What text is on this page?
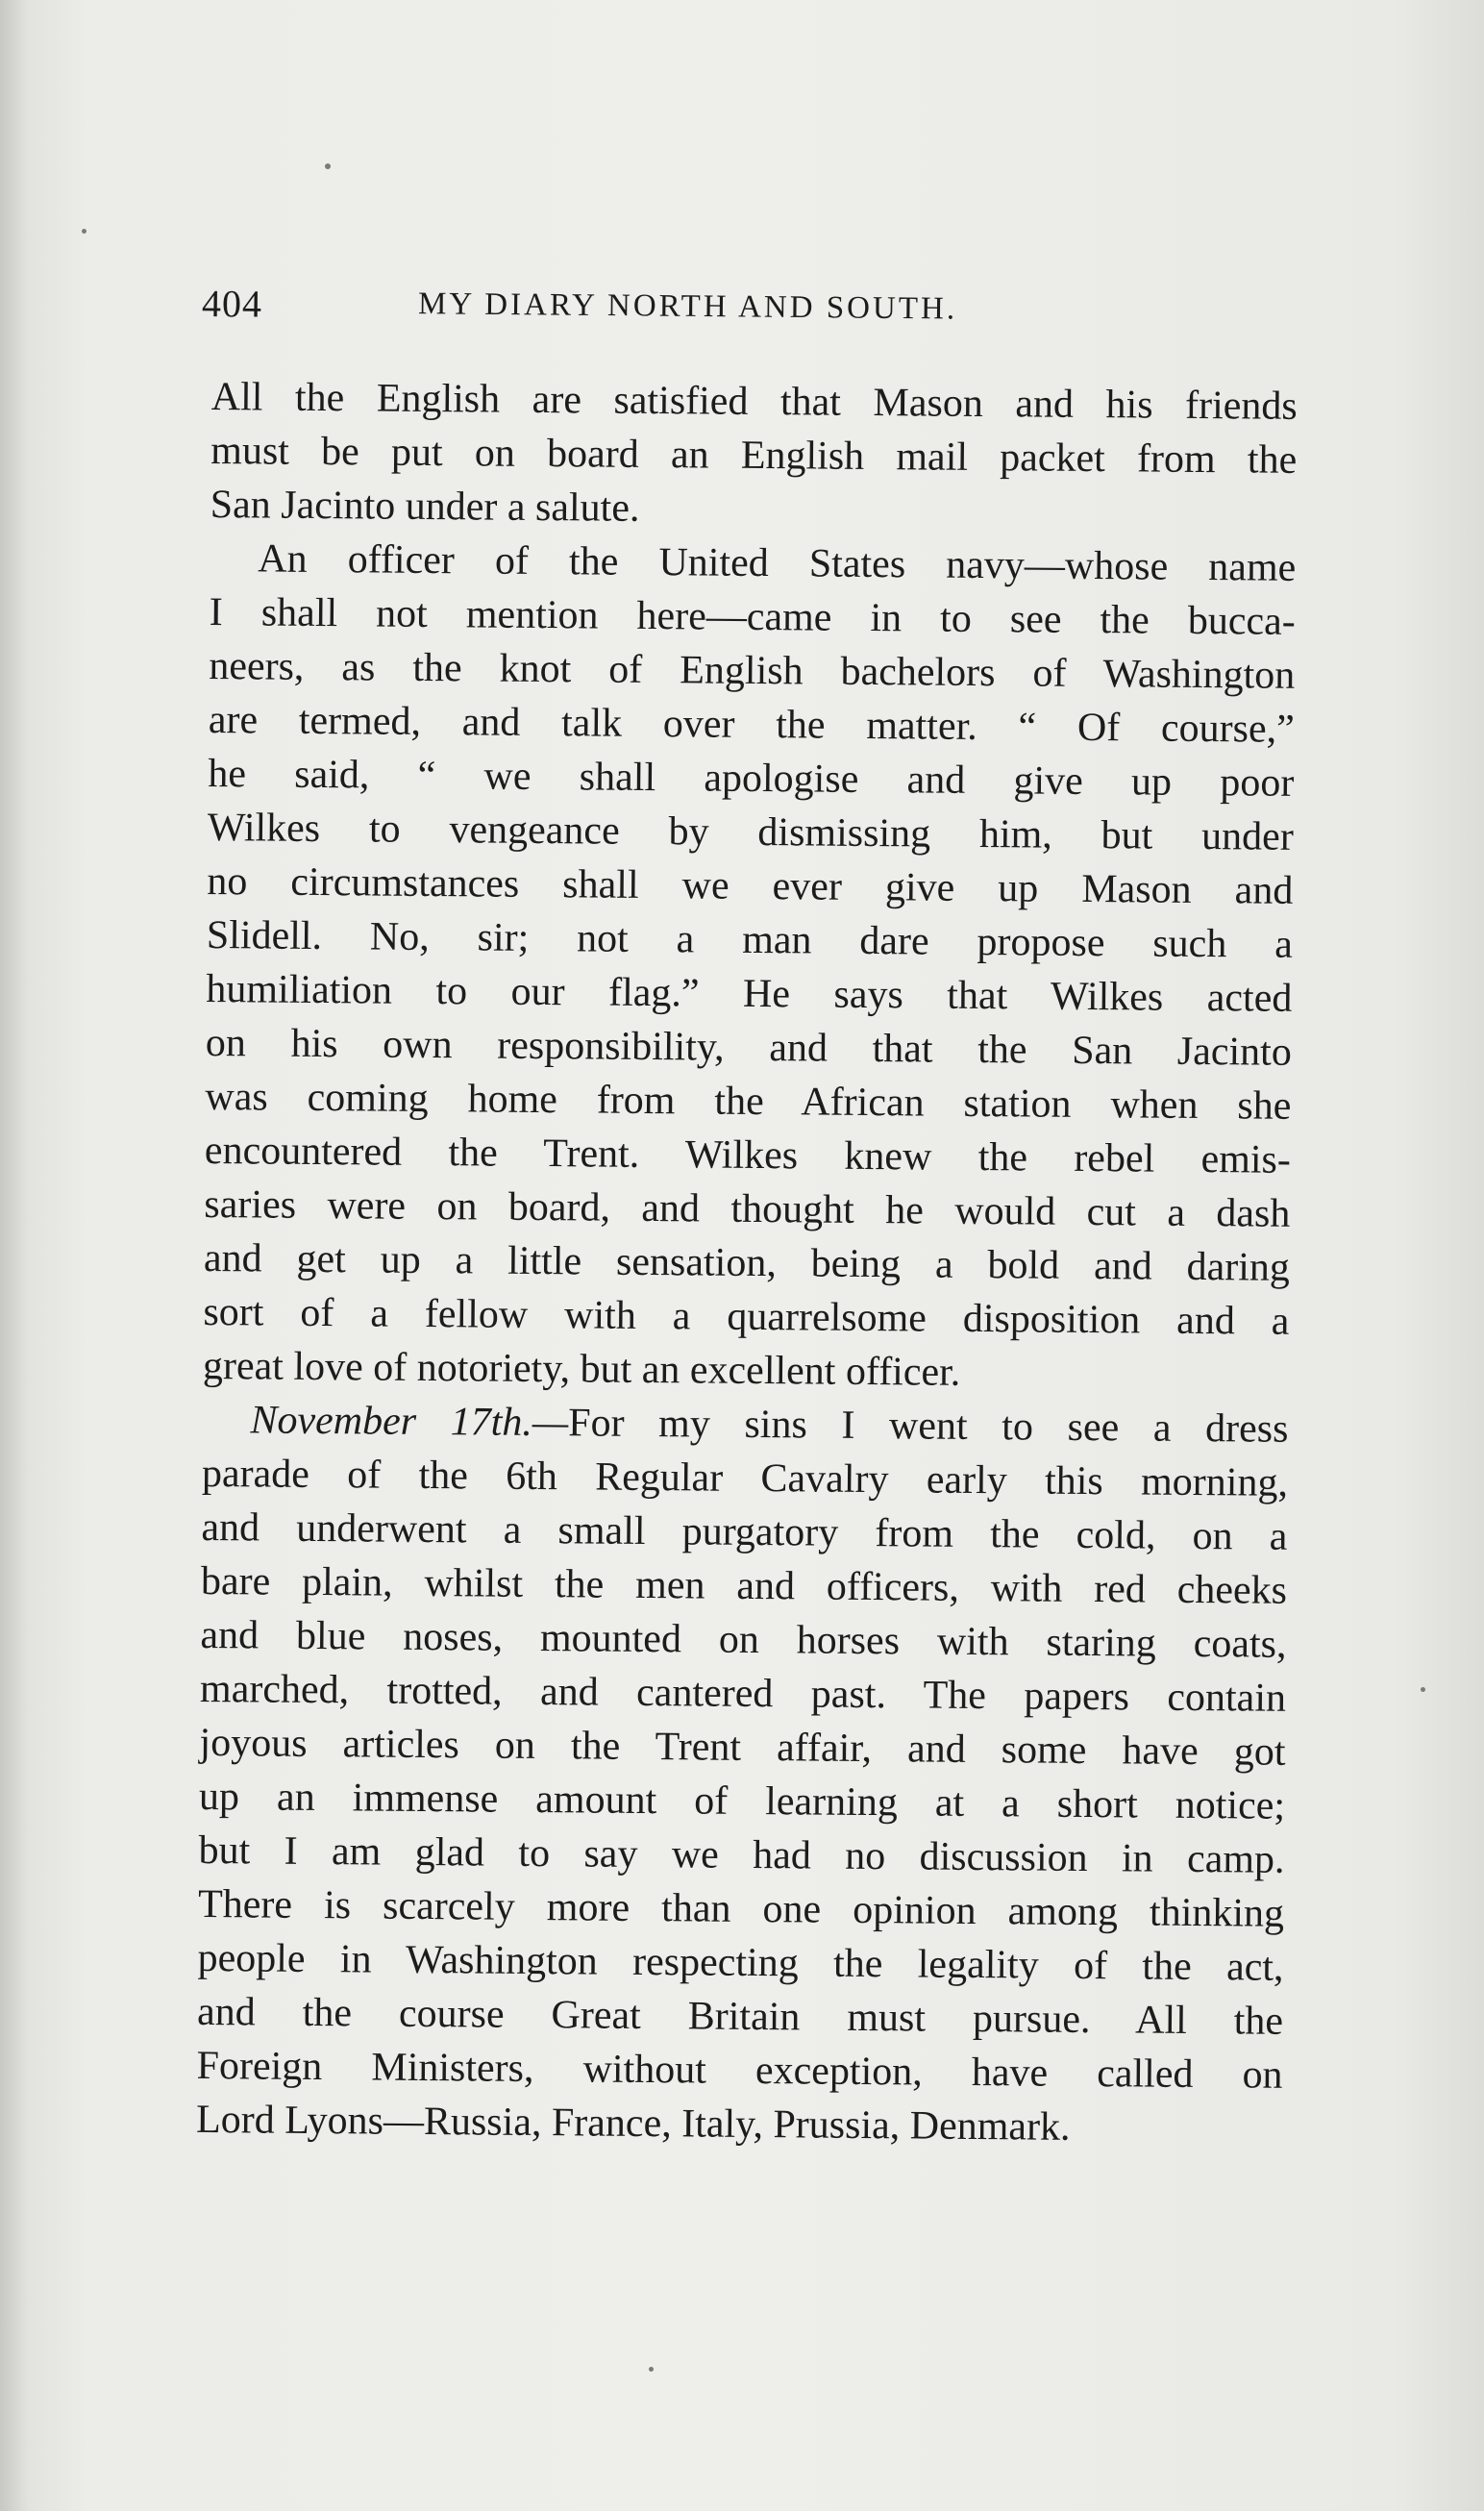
404	MY DIARY NORTH AND SOUTH.
All the English are satisfied that Mason and his friends
must be put on board an English mail packet from the
San Jacinto under a salute.
An officer of the United States navy—whose name
I shall not mention here—came in to see the bucca-
neers, as the knot of English bachelors of Washington
are termed, and talk over the matter. “ Of course,”
he said, “ we shall apologise and give up poor
Wilkes to vengeance by dismissing him, but under
no circumstances shall we ever give up Mason and
Slidell. No, sir; not a man dare propose such a
humiliation to our flag.” He says that Wilkes acted
on his own responsibility, and that the San Jacinto
was coming home from the African station when she
encountered the Trent. Wilkes knew the rebel emis-
saries were on board, and thought he would cut a dash
and get up a little sensation, being a bold and daring
sort of a fellow with a quarrelsome disposition and a
great love of notoriety, but an excellent officer.
November 17th.—For my sins I went to see a dress
parade of the 6th Regular Cavalry early this morning,
and underwent a small purgatory from the cold, on a
bare plain, whilst the men and officers, with red cheeks
and blue noses, mounted on horses with staring coats,
marched, trotted, and cantered past. The papers contain
joyous articles on the Trent affair, and some have got
up an immense amount of learning at a short notice;
but I am glad to say we had no discussion in camp.
There is scarcely more than one opinion among thinking
people in Washington respecting the legality of the act,
and the course Great Britain must pursue. All the
Foreign Ministers, without exception, have called on
Lord Lyons—Russia, France, Italy, Prussia, Denmark.
